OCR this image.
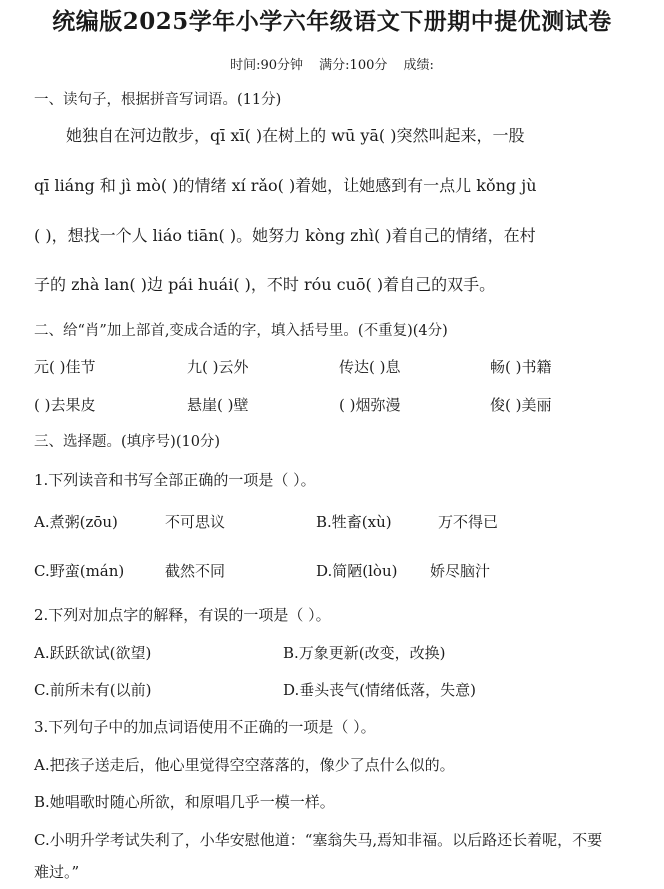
统编版2025学年小学六年级语文下册期中提优测试卷
时间:90分钟 满分:100分 成绩:
一、读句子，根据拼音写词语。(11分)
她独自在河边散步，qī xī( )在树上的 wū yā( )突然叫起来，一股
qī liáng 和 jì mò( )的情绪 xí rǎo( )着她，让她感到有一点儿 kǒng jù
( )，想找一个人 liáo tiān( )。她努力 kòng zhì( )着自己的情绪，在村
子的 zhà lan( )边 pái huái( )，不时 róu cuō( )着自己的双手。
二、给“肖”加上部首,变成合适的字，填入括号里。(不重复)(4分)
元( )佳节	九( )云外	传达( )息	畅( )书籍
( )去果皮	悬崖( )壁	( )烟弥漫	俊( )美丽
三、选择题。(填序号)(10分)
1.下列读音和书写全部正确的一项是（ ）。
A.煮粥(zōu)	不可思议	B.牲畜(xù)	万不得已
C.野蛮(mán)	截然不同	D.简陋(lòu) 娇尽脑汁
2.下列对加点字的解释，有误的一项是（ ）。
A.跃跃欲试(欲望)	B.万象更新(改变，改换)
C.前所未有(以前)	D.垂头丧气(情绪低落，失意)
3.下列句子中的加点词语使用不正确的一项是（ ）。
A.把孩子送走后，他心里觉得空空落落的，像少了点什么似的。
B.她唱歌时随心所欲，和原唱几乎一模一样。
C.小明升学考试失利了，小华安慰他道：“塞翁失马,焉知非福。以后路还长着呢，不要
难过。”
